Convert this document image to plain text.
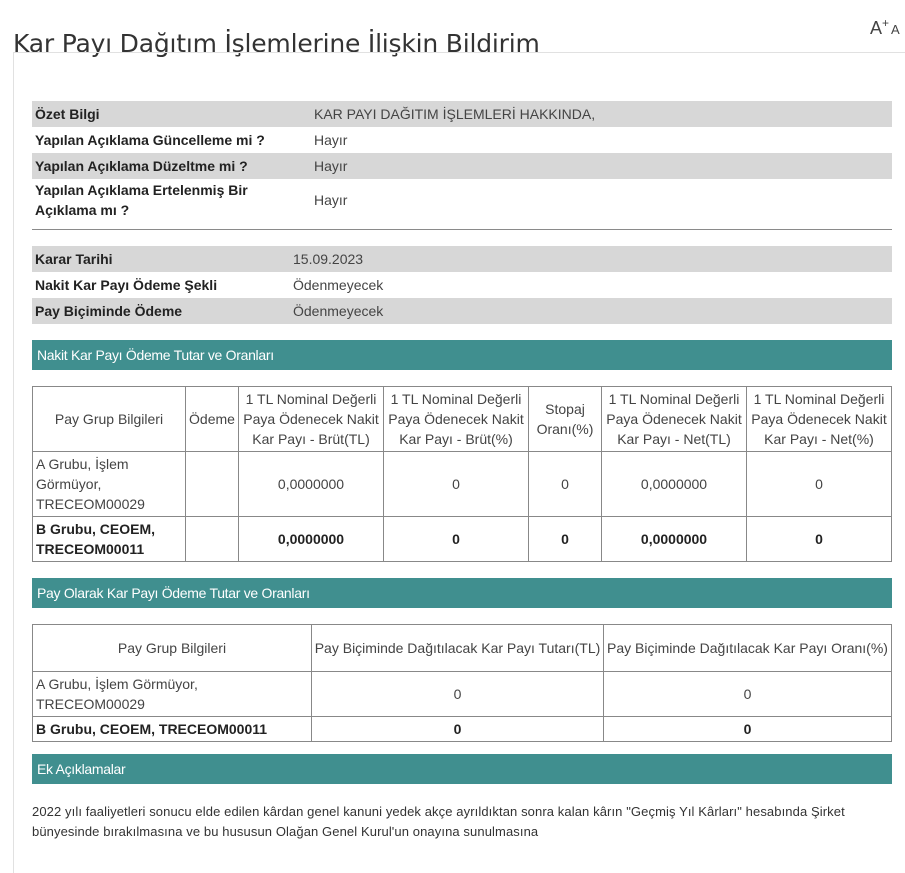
Kar Payı Dağıtım İşlemlerine İlişkin Bildirim
A+ A
Özet Bilgi	KAR PAYI DAĞITIM İŞLEMLERİ HAKKINDA,
Yapılan Açıklama Güncelleme mi ?	Hayır
Yapılan Açıklama Düzeltme mi ?	Hayır
Yapılan Açıklama Ertelenmiş Bir Açıklama mı ?	Hayır
Karar Tarihi	15.09.2023
Nakit Kar Payı Ödeme Şekli	Ödenmeyecek
Pay Biçiminde Ödeme	Ödenmeyecek
Nakit Kar Payı Ödeme Tutar ve Oranları
Pay Grup Bilgileri	Ödeme	1 TL Nominal Değerli Paya Ödenecek Nakit Kar Payı - Brüt(TL)	1 TL Nominal Değerli Paya Ödenecek Nakit Kar Payı - Brüt(%)	Stopaj Oranı(%)	1 TL Nominal Değerli Paya Ödenecek Nakit Kar Payı - Net(TL)	1 TL Nominal Değerli Paya Ödenecek Nakit Kar Payı - Net(%)
A Grubu, İşlem Görmüyor, TRECEOM00029		0,0000000	0	0	0,0000000	0
B Grubu, CEOEM, TRECEOM00011		0,0000000	0	0	0,0000000	0
Pay Olarak Kar Payı Ödeme Tutar ve Oranları
Pay Grup Bilgileri	Pay Biçiminde Dağıtılacak Kar Payı Tutarı(TL)	Pay Biçiminde Dağıtılacak Kar Payı Oranı(%)
A Grubu, İşlem Görmüyor, TRECEOM00029	0	0
B Grubu, CEOEM, TRECEOM00011	0	0
Ek Açıklamalar
2022 yılı faaliyetleri sonucu elde edilen kârdan genel kanuni yedek akçe ayrıldıktan sonra kalan kârın "Geçmiş Yıl Kârları" hesabında Şirket bünyesinde bırakılmasına ve bu hususun Olağan Genel Kurul'un onayına sunulmasına
